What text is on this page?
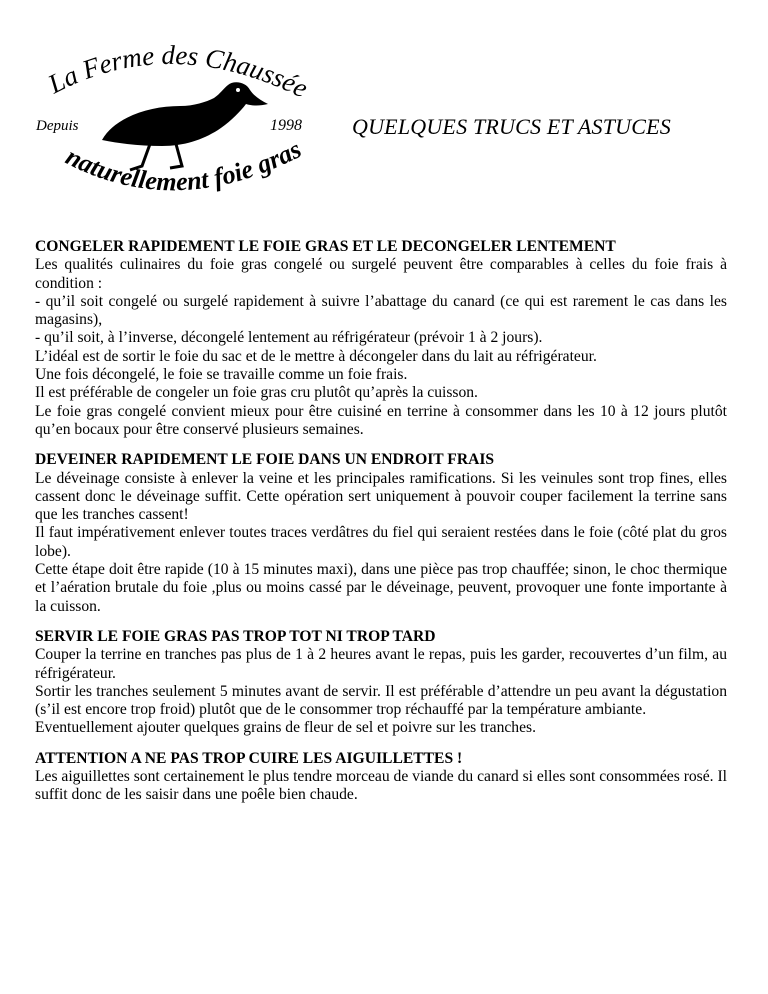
La Ferme des Chaussée
naturellement foie gras
Depuis	1998 QUELQUES TRUCS ET ASTUCES
CONGELER RAPIDEMENT LE FOIE GRAS ET LE DECONGELER LENTEMENT

Les qualités culinaires du foie gras congelé ou surgelé peuvent être comparables à celles du foie frais à condition :

- qu’il soit congelé ou surgelé rapidement à suivre l’abattage du canard (ce qui est rarement le cas dans les magasins),

- qu’il soit, à l’inverse, décongelé lentement au réfrigérateur (prévoir 1 à 2 jours).

L’idéal est de sortir le foie du sac et de le mettre à décongeler dans du lait au réfrigérateur.

Une fois décongelé, le foie se travaille comme un foie frais.

Il est préférable de congeler un foie gras cru plutôt qu’après la cuisson.

Le foie gras congelé convient mieux pour être cuisiné en terrine à consommer dans les 10 à 12 jours plutôt qu’en bocaux pour être conservé plusieurs semaines.

DEVEINER RAPIDEMENT LE FOIE DANS UN ENDROIT FRAIS

Le déveinage consiste à enlever la veine et les principales ramifications. Si les veinules sont trop fines, elles cassent donc le déveinage suffit. Cette opération sert uniquement à pouvoir couper facilement la terrine sans que les tranches cassent!

Il faut impérativement enlever toutes traces verdâtres du fiel qui seraient restées dans le foie (côté plat du gros lobe).

Cette étape doit être rapide (10 à 15 minutes maxi), dans une pièce pas trop chauffée; sinon, le choc thermique et l’aération brutale du foie ,plus ou moins cassé par le déveinage, peuvent, provoquer une fonte importante à la cuisson.

SERVIR LE FOIE GRAS PAS TROP TOT NI TROP TARD

Couper la terrine en tranches pas plus de 1 à 2 heures avant le repas, puis les garder, recouvertes d’un film, au réfrigérateur.

Sortir les tranches seulement 5 minutes avant de servir. Il est préférable d’attendre un peu avant la dégustation (s’il est encore trop froid) plutôt que de le consommer trop réchauffé par la température ambiante.

Eventuellement ajouter quelques grains de fleur de sel et poivre sur les tranches.

ATTENTION A NE PAS TROP CUIRE LES AIGUILLETTES !

Les aiguillettes sont certainement le plus tendre morceau de viande du canard si elles sont consommées rosé. Il suffit donc de les saisir dans une poêle bien chaude.
